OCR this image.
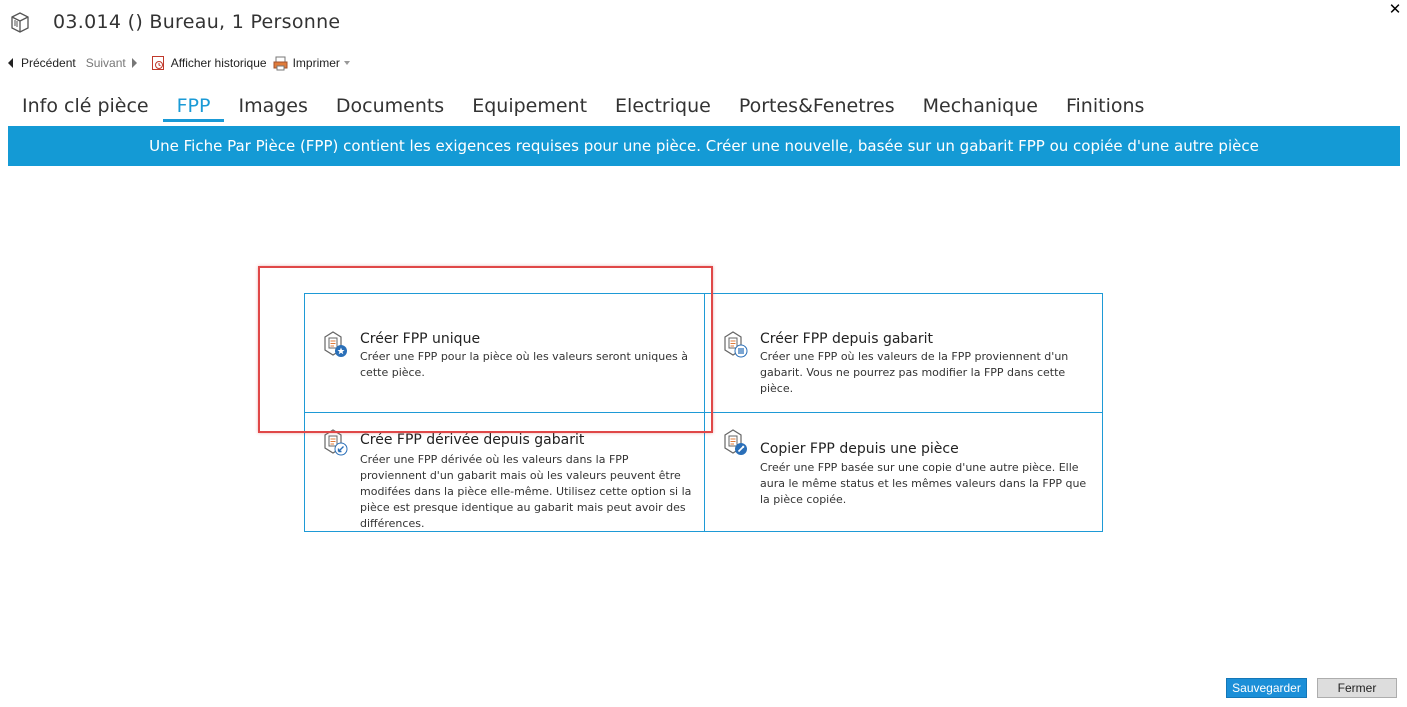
03.014 () Bureau, 1 Personne
✕
Précédent Suivant	Afficher historique Imprimer
Info clé pièce	FPP	Images	Documents	Equipement	Electrique	Portes&Fenetres	Mechanique	Finitions
Une Fiche Par Pièce (FPP) contient les exigences requises pour une pièce. Créer une nouvelle, basée sur un gabarit FPP ou copiée d'une autre pièce
Créer FPP unique
Créer une FPP pour la pièce où les valeurs seront uniques à cette pièce.
Créer FPP depuis gabarit
Créer une FPP où les valeurs de la FPP proviennent d'un gabarit. Vous ne pourrez pas modifier la FPP dans cette pièce.
Crée FPP dérivée depuis gabarit
Créer une FPP dérivée où les valeurs dans la FPP proviennent d'un gabarit mais où les valeurs peuvent être modifées dans la pièce elle-même. Utilisez cette option si la pièce est presque identique au gabarit mais peut avoir des différences.
Copier FPP depuis une pièce
Creér une FPP basée sur une copie d'une autre pièce. Elle aura le même status et les mêmes valeurs dans la FPP que la pièce copiée.
Sauvegarder	Fermer
